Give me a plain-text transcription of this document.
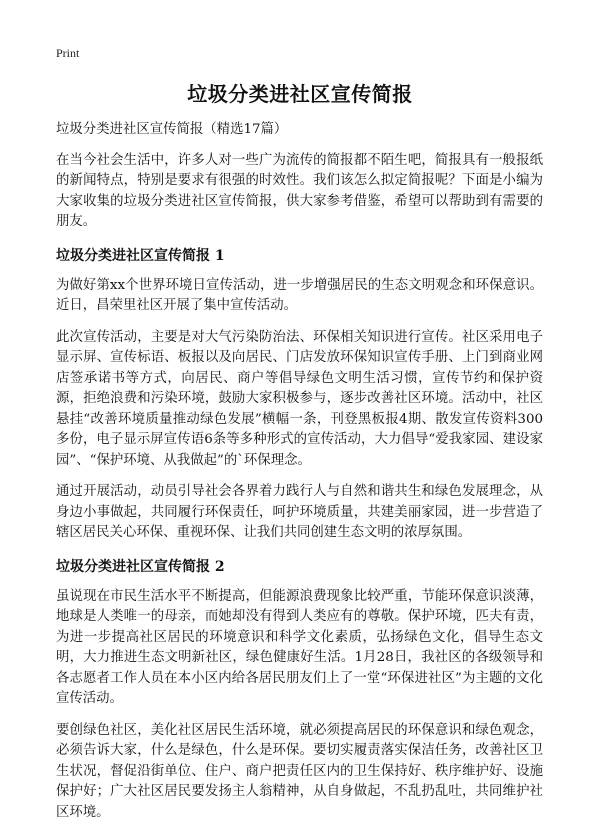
Print
垃圾分类进社区宣传简报

垃圾分类进社区宣传简报（精选17篇）

在当今社会生活中，许多人对一些广为流传的简报都不陌生吧，简报具有一般报纸的新闻特点，特别是要求有很强的时效性。我们该怎么拟定简报呢？下面是小编为大家收集的垃圾分类进社区宣传简报，供大家参考借鉴，希望可以帮助到有需要的朋友。

垃圾分类进社区宣传简报 1

为做好第xx个世界环境日宣传活动，进一步增强居民的生态文明观念和环保意识。近日，昌荣里社区开展了集中宣传活动。

此次宣传活动，主要是对大气污染防治法、环保相关知识进行宣传。社区采用电子显示屏、宣传标语、板报以及向居民、门店发放环保知识宣传手册、上门到商业网店签承诺书等方式，向居民、商户等倡导绿色文明生活习惯，宣传节约和保护资源，拒绝浪费和污染环境，鼓励大家积极参与，逐步改善社区环境。活动中，社区悬挂“改善环境质量推动绿色发展”横幅一条，刊登黑板报4期、散发宣传资料300多份，电子显示屏宣传语6条等多种形式的宣传活动，大力倡导“爱我家园、建设家园”、“保护环境、从我做起”的`环保理念。

通过开展活动，动员引导社会各界着力践行人与自然和谐共生和绿色发展理念，从身边小事做起，共同履行环保责任，呵护环境质量，共建美丽家园，进一步营造了辖区居民关心环保、重视环保、让我们共同创建生态文明的浓厚氛围。

垃圾分类进社区宣传简报 2

虽说现在市民生活水平不断提高，但能源浪费现象比较严重，节能环保意识淡薄，地球是人类唯一的母亲，而她却没有得到人类应有的尊敬。保护环境，匹夫有责，为进一步提高社区居民的环境意识和科学文化素质，弘扬绿色文化，倡导生态文明，大力推进生态文明新社区，绿色健康好生活。1月28日，我社区的各级领导和各志愿者工作人员在本小区内给各居民朋友们上了一堂“环保进社区”为主题的文化宣传活动。

要创绿色社区，美化社区居民生活环境，就必须提高居民的环保意识和绿色观念，必须告诉大家，什么是绿色，什么是环保。要切实履责落实保洁任务，改善社区卫生状况，督促沿街单位、住户、商户把责任区内的卫生保持好、秩序维护好、设施保护好；广大社区居民要发扬主人翁精神，从自身做起，不乱扔乱吐，共同维护社区环境。
